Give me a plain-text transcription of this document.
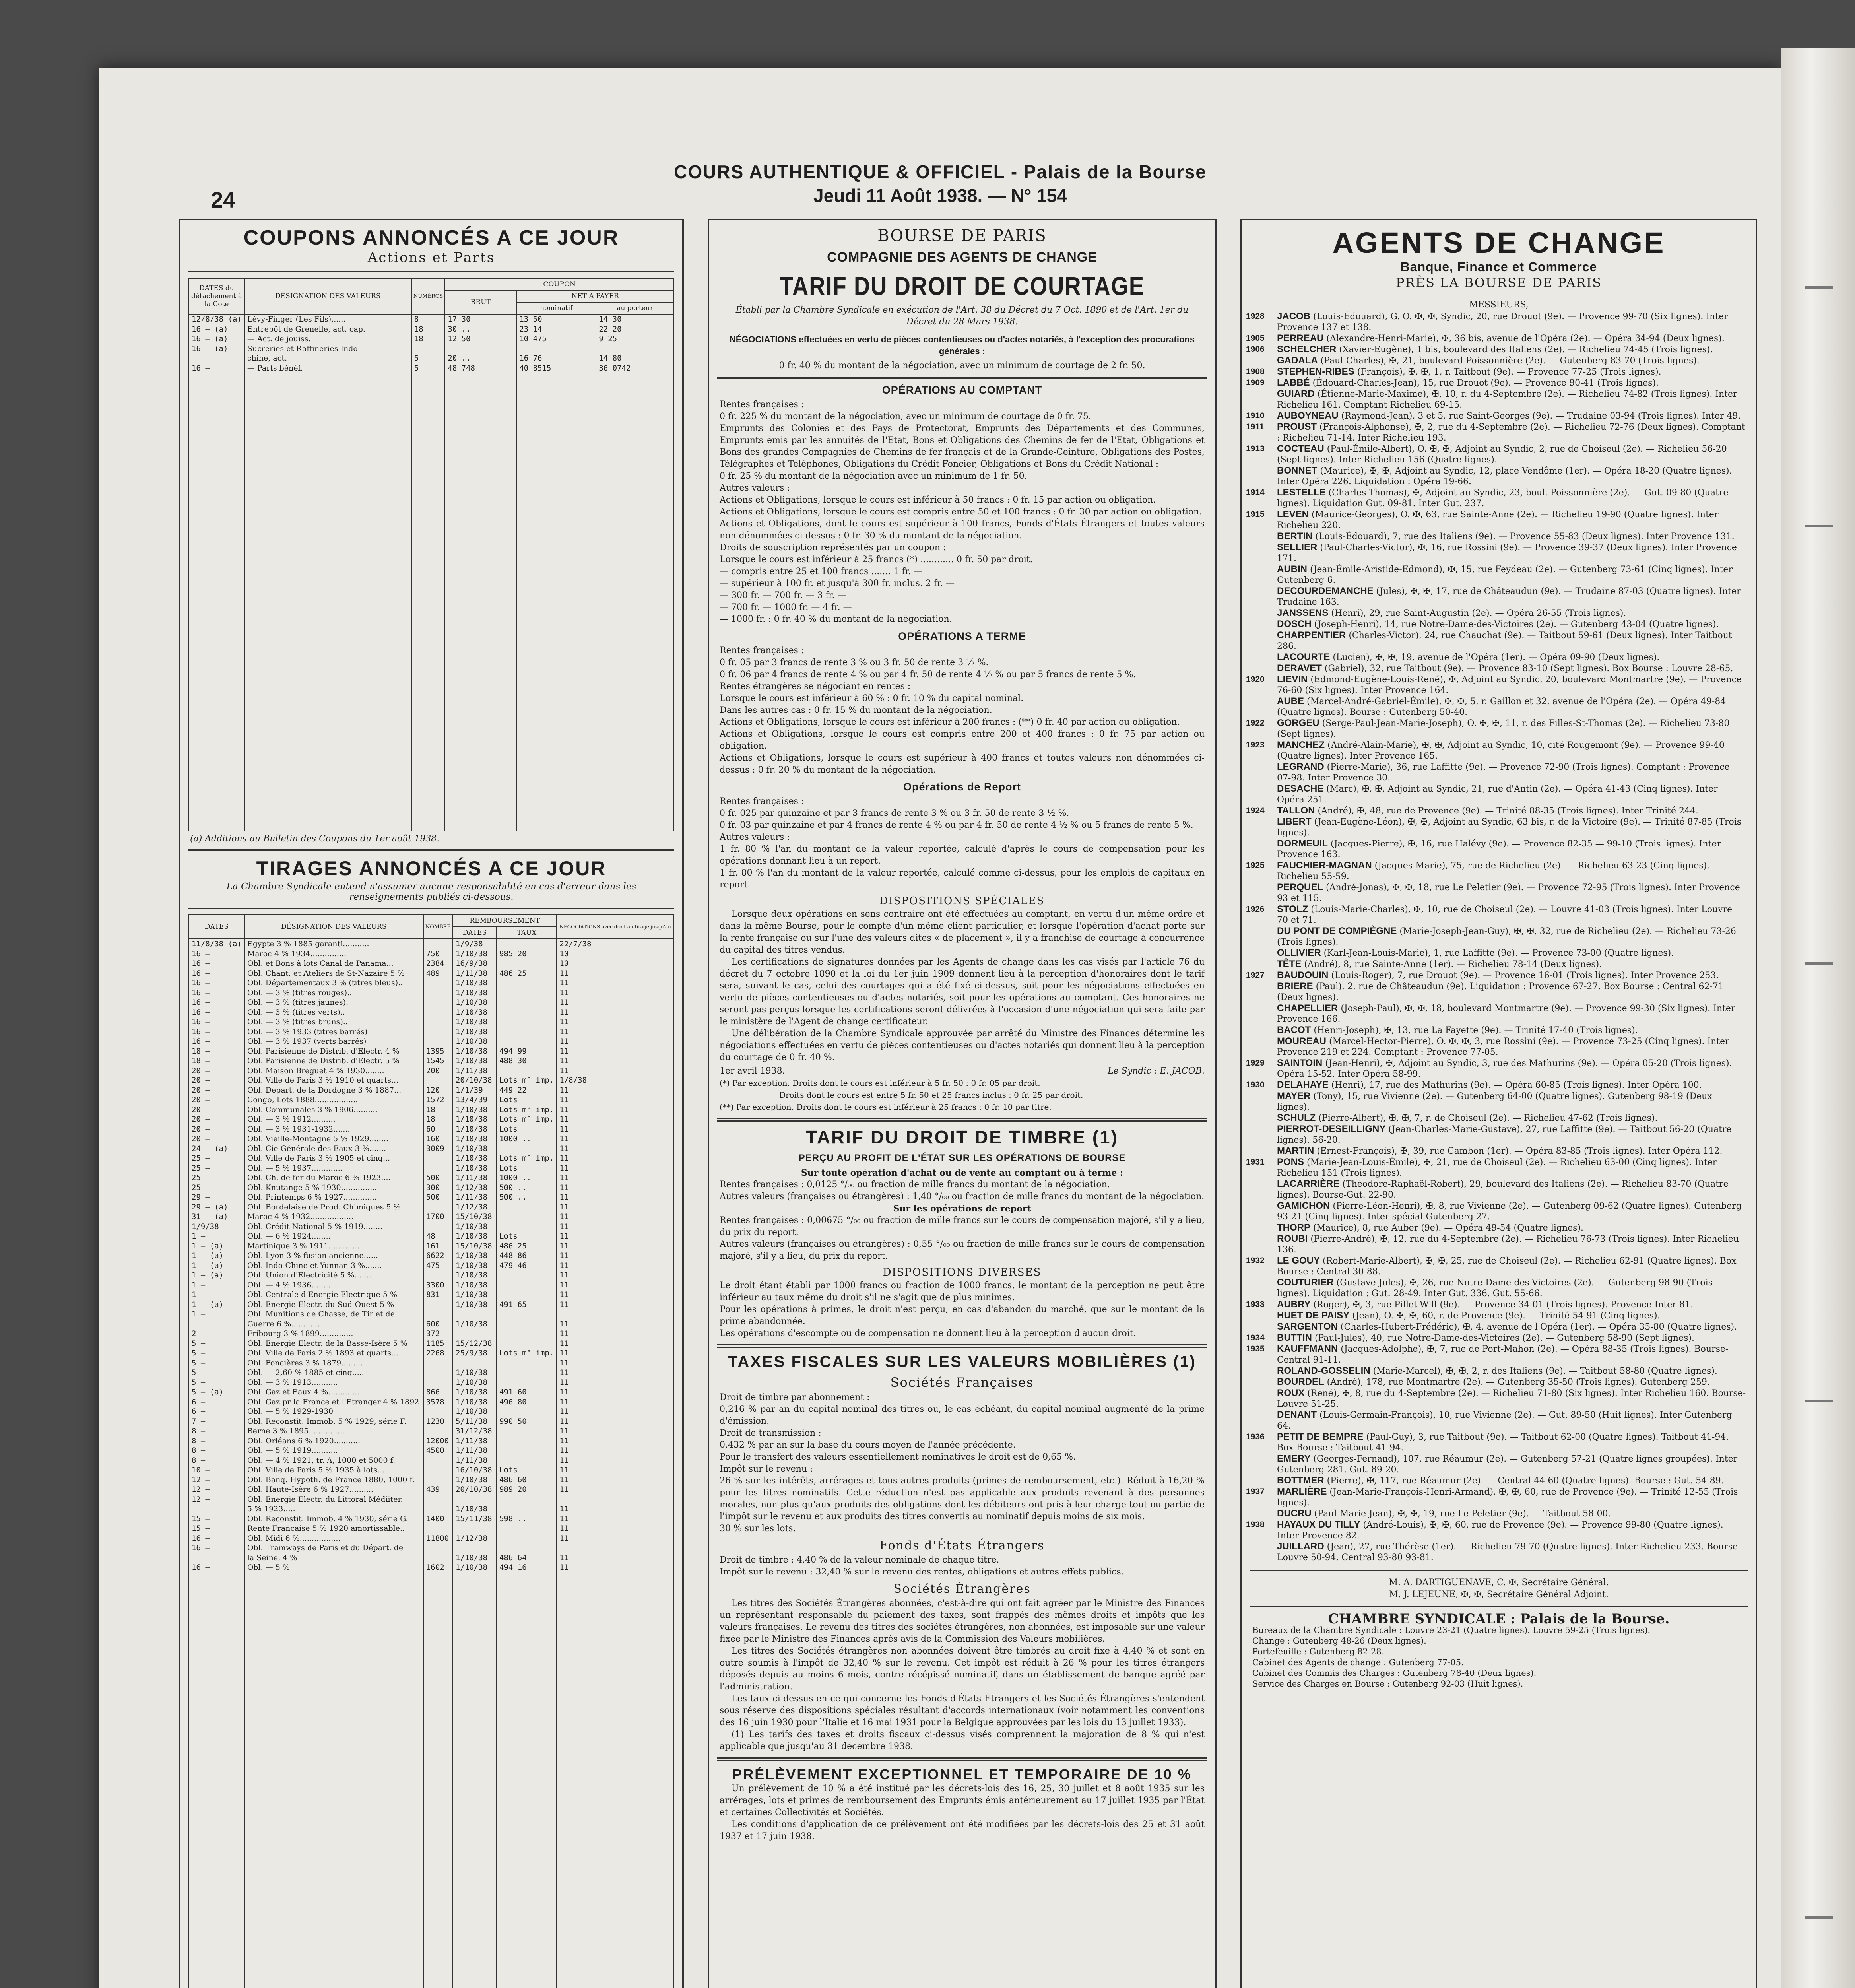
COURS AUTHENTIQUE & OFFICIEL - Palais de la Bourse
Jeudi 11 Août 1938. — N° 154
24
COUPONS ANNONCÉS A CE JOUR
Actions et Parts
DATES du détachement à la Cote	DÉSIGNATION DES VALEURS	NUMÉROS	COUPON		
			BRUT	NET A PAYER	
				nominatif	au porteur
12/8/38 (a)	Lévy-Finger (Les Fils)......	8	17 30	13 50	14 30
16 — (a)	Entrepôt de Grenelle, act. cap.	18	30 ..	23 14	22 20
16 — (a)	— Act. de jouiss.	18	12 50	10 475	9 25
16 — (a)	Sucreries et Raffineries Indo-				
	chine, act.	5	20 ..	16 76	14 80
16 —	— Parts bénéf.	5	48 748	40 8515	36 0742

(a) Additions au Bulletin des Coupons du 1er août 1938.
TIRAGES ANNONCÉS A CE JOUR
La Chambre Syndicale entend n'assumer aucune responsabilité en cas d'erreur dans les renseignements publiés ci-dessous.
DATES	DÉSIGNATION DES VALEURS	NOMBRE	REMBOURSEMENT		NÉGOCIATIONS avec droit au tirage jusqu'au
			DATES	TAUX	
11/8/38 (a)	Egypte 3 % 1885 garanti...........		1/9/38		22/7/38
16 —	Maroc 4 % 1934...............	750	1/10/38	985 20	10
16 —	Obl. et Bons à lots Canal de Panama...	2384	16/9/38		10
16 —	Obl. Chant. et Ateliers de St-Nazaire 5 %	489	1/11/38	486 25	11
16 —	Obl. Départementaux 3 % (titres bleus)..		1/10/38		11
16 —	Obl. — 3 % (titres rouges)..		1/10/38		11
16 —	Obl. — 3 % (titres jaunes).		1/10/38		11
16 —	Obl. — 3 % (titres verts)..		1/10/38		11
16 —	Obl. — 3 % (titres bruns)..		1/10/38		11
16 —	Obl. — 3 % 1933 (titres barrés)		1/10/38		11
16 —	Obl. — 3 % 1937 (verts barrés)		1/10/38		11
18 —	Obl. Parisienne de Distrib. d'Electr. 4 %	1395	1/10/38	494 99	11
18 —	Obl. Parisienne de Distrib. d'Electr. 5 %	1545	1/10/38	488 30	11
20 —	Obl. Maison Breguet 4 % 1930........	200	1/11/38		11
20 —	Obl. Ville de Paris 3 % 1910 et quarts...		20/10/38	Lots m° imp.	1/8/38
20 —	Obl. Départ. de la Dordogne 3 % 1887...	120	1/1/39	449 22	11
20 —	Congo, Lots 1888..................	1572	13/4/39	Lots	11
20 —	Obl. Communales 3 % 1906..........	18	1/10/38	Lots m° imp.	11
20 —	Obl. — 3 % 1912..........	18	1/10/38	Lots m° imp.	11
20 —	Obl. — 3 % 1931-1932.......	60	1/10/38	Lots	11
20 —	Obl. Vieille-Montagne 5 % 1929........	160	1/10/38	1000 ..	11
24 — (a)	Obl. Cie Générale des Eaux 3 %.......	3009	1/10/38		11
25 —	Obl. Ville de Paris 3 % 1905 et cinq...		1/10/38	Lots m° imp.	11
25 —	Obl. — 5 % 1937.............		1/10/38	Lots	11
25 —	Obl. Ch. de fer du Maroc 6 % 1923....	500	1/11/38	1000 ..	11
25 —	Obl. Knutange 5 % 1930...............	300	1/12/38	500 ..	11
29 —	Obl. Printemps 6 % 1927..............	500	1/11/38	500 ..	11
29 — (a)	Obl. Bordelaise de Prod. Chimiques 5 %		1/12/38		11
31 — (a)	Maroc 4 % 1932..................	1700	15/10/38		11
1/9/38	Obl. Crédit National 5 % 1919........		1/10/38		11
1 —	Obl. — 6 % 1924........	48	1/10/38	Lots	11
1 — (a)	Martinique 3 % 1911.............	161	15/10/38	486 25	11
1 — (a)	Obl. Lyon 3 % fusion ancienne......	6622	1/10/38	448 86	11
1 — (a)	Obl. Indo-Chine et Yunnan 3 %.......	475	1/10/38	479 46	11
1 — (a)	Obl. Union d'Electricité 5 %.......		1/10/38		11
1 —	Obl. — 4 % 1936........	3300	1/10/38		11
1 —	Obl. Centrale d'Energie Electrique 5 %	831	1/10/38		11
1 — (a)	Obl. Energie Electr. du Sud-Ouest 5 %		1/10/38	491 65	11
1 —	Obl. Munitions de Chasse, de Tir et de				
	Guerre 6 %.............	600	1/10/38		11
2 —	Fribourg 3 % 1899..............	372			11
5 —	Obl. Energie Electr. de la Basse-Isère 5 %	1185	15/12/38		11
5 —	Obl. Ville de Paris 2 % 1893 et quarts...	2268	25/9/38	Lots m° imp.	11
5 —	Obl. Foncières 3 % 1879.........				11
5 —	Obl. — 2,60 % 1885 et cinq.....		1/10/38		11
5 —	Obl. — 3 % 1913...........		1/10/38		11
5 — (a)	Obl. Gaz et Eaux 4 %.............	866	1/10/38	491 60	11
6 —	Obl. Gaz pr la France et l'Etranger 4 % 1892	3578	1/10/38	496 80	11
6 —	Obl. — 5 % 1929-1930		1/10/38		11
7 —	Obl. Reconstit. Immob. 5 % 1929, série F.	1230	5/11/38	990 50	11
8 —	Berne 3 % 1895...............		31/12/38		11
8 —	Obl. Orléans 6 % 1920...........	12000	1/11/38		11
8 —	Obl. — 5 % 1919...........	4500	1/11/38		11
8 —	Obl. — 4 % 1921, tr. A, 1000 et 5000 f.		1/11/38		11
10 —	Obl. Ville de Paris 5 % 1935 à lots...		16/10/38	Lots	11
12 —	Obl. Banq. Hypoth. de France 1880, 1000 f.		1/10/38	486 60	11
12 —	Obl. Haute-Isère 6 % 1927..........	439	20/10/38	989 20	11
12 —	Obl. Energie Electr. du Littoral Médiiter.				
	5 % 1923.....		1/10/38		11
15 —	Obl. Reconstit. Immob. 4 % 1930, série G.	1400	15/11/38	598 ..	11
15 —	Rente Française 5 % 1920 amortissable..				11
16 —	Obl. Midi 6 %.................	11800	1/12/38		11
16 —	Obl. Tramways de Paris et du Départ. de				
	la Seine, 4 %		1/10/38	486 64	11
16 —	Obl. — 5 %	1602	1/10/38	494 16	11

BOURSE DE PARIS
COMPAGNIE DES AGENTS DE CHANGE
TARIF DU DROIT DE COURTAGE
Établi par la Chambre Syndicale en exécution de l'Art. 38 du Décret du 7 Oct. 1890 et de l'Art. 1er du Décret du 28 Mars 1938.
NÉGOCIATIONS effectuées en vertu de pièces contentieuses ou d'actes notariés, à l'exception des procurations générales :
0 fr. 40 % du montant de la négociation, avec un minimum de courtage de 2 fr. 50.
OPÉRATIONS AU COMPTANT
Rentes françaises :
0 fr. 225 % du montant de la négociation, avec un minimum de courtage de 0 fr. 75.
Emprunts des Colonies et des Pays de Protectorat, Emprunts des Départements et des Communes, Emprunts émis par les annuités de l'Etat, Bons et Obligations des Chemins de fer de l'Etat, Obligations et Bons des grandes Compagnies de Chemins de fer français et de la Grande-Ceinture, Obligations des Postes, Télégraphes et Téléphones, Obligations du Crédit Foncier, Obligations et Bons du Crédit National :
0 fr. 25 % du montant de la négociation avec un minimum de 1 fr. 50.
Autres valeurs :
Actions et Obligations, lorsque le cours est inférieur à 50 francs : 0 fr. 15 par action ou obligation.
Actions et Obligations, lorsque le cours est compris entre 50 et 100 francs : 0 fr. 30 par action ou obligation.
Actions et Obligations, dont le cours est supérieur à 100 francs, Fonds d'États Étrangers et toutes valeurs non dénommées ci-dessus : 0 fr. 30 % du montant de la négociation.
Droits de souscription représentés par un coupon :
Lorsque le cours est inférieur à 25 francs (*) ............ 0 fr. 50 par droit.
— compris entre 25 et 100 francs ....... 1 fr. —
— supérieur à 100 fr. et jusqu'à 300 fr. inclus. 2 fr. —
— 300 fr. — 700 fr. — 3 fr. —
— 700 fr. — 1000 fr. — 4 fr. —
— 1000 fr. : 0 fr. 40 % du montant de la négociation.
OPÉRATIONS A TERME
Rentes françaises :
0 fr. 05 par 3 francs de rente 3 % ou 3 fr. 50 de rente 3 ½ %.
0 fr. 06 par 4 francs de rente 4 % ou par 4 fr. 50 de rente 4 ½ % ou par 5 francs de rente 5 %.
Rentes étrangères se négociant en rentes :
Lorsque le cours est inférieur à 60 % : 0 fr. 10 % du capital nominal.
Dans les autres cas : 0 fr. 15 % du montant de la négociation.
Actions et Obligations, lorsque le cours est inférieur à 200 francs : (**) 0 fr. 40 par action ou obligation.
Actions et Obligations, lorsque le cours est compris entre 200 et 400 francs : 0 fr. 75 par action ou obligation.
Actions et Obligations, lorsque le cours est supérieur à 400 francs et toutes valeurs non dénommées ci-dessus : 0 fr. 20 % du montant de la négociation.
Opérations de Report
Rentes françaises :
0 fr. 025 par quinzaine et par 3 francs de rente 3 % ou 3 fr. 50 de rente 3 ½ %.
0 fr. 03 par quinzaine et par 4 francs de rente 4 % ou par 4 fr. 50 de rente 4 ½ % ou 5 francs de rente 5 %.
Autres valeurs :
1 fr. 80 % l'an du montant de la valeur reportée, calculé d'après le cours de compensation pour les opérations donnant lieu à un report.
1 fr. 80 % l'an du montant de la valeur reportée, calculé comme ci-dessus, pour les emplois de capitaux en report.
DISPOSITIONS SPÉCIALES
Lorsque deux opérations en sens contraire ont été effectuées au comptant, en vertu d'un même ordre et dans la même Bourse, pour le compte d'un même client particulier, et lorsque l'opération d'achat porte sur la rente française ou sur l'une des valeurs dites « de placement », il y a franchise de courtage à concurrence du capital des titres vendus.
Les certifications de signatures données par les Agents de change dans les cas visés par l'article 76 du décret du 7 octobre 1890 et la loi du 1er juin 1909 donnent lieu à la perception d'honoraires dont le tarif sera, suivant le cas, celui des courtages qui a été fixé ci-dessus, soit pour les négociations effectuées en vertu de pièces contentieuses ou d'actes notariés, soit pour les opérations au comptant. Ces honoraires ne seront pas perçus lorsque les certifications seront délivrées à l'occasion d'une négociation qui sera faite par le ministère de l'Agent de change certificateur.
Une délibération de la Chambre Syndicale approuvée par arrêté du Ministre des Finances détermine les négociations effectuées en vertu de pièces contentieuses ou d'actes notariés qui donnent lieu à la perception du courtage de 0 fr. 40 %.
1er avril 1938.	Le Syndic : E. JACOB.
(*) Par exception. Droits dont le cours est inférieur à 5 fr. 50 : 0 fr. 05 par droit.
Droits dont le cours est entre 5 fr. 50 et 25 francs inclus : 0 fr. 25 par droit.
(**) Par exception. Droits dont le cours est inférieur à 25 francs : 0 fr. 10 par titre.
TARIF DU DROIT DE TIMBRE (1)
PERÇU AU PROFIT DE L'ÉTAT SUR LES OPÉRATIONS DE BOURSE
Sur toute opération d'achat ou de vente au comptant ou à terme :
Rentes françaises : 0,0125 °/₀₀ ou fraction de mille francs du montant de la négociation.
Autres valeurs (françaises ou étrangères) : 1,40 °/₀₀ ou fraction de mille francs du montant de la négociation.
Sur les opérations de report
Rentes françaises : 0,00675 °/₀₀ ou fraction de mille francs sur le cours de compensation majoré, s'il y a lieu, du prix du report.
Autres valeurs (françaises ou étrangères) : 0,55 °/₀₀ ou fraction de mille francs sur le cours de compensation majoré, s'il y a lieu, du prix du report.
DISPOSITIONS DIVERSES
Le droit étant établi par 1000 francs ou fraction de 1000 francs, le montant de la perception ne peut être inférieur au taux même du droit s'il ne s'agit que de plus minimes.
Pour les opérations à primes, le droit n'est perçu, en cas d'abandon du marché, que sur le montant de la prime abandonnée.
Les opérations d'escompte ou de compensation ne donnent lieu à la perception d'aucun droit.
TAXES FISCALES SUR LES VALEURS MOBILIÈRES (1)
Sociétés Françaises
Droit de timbre par abonnement :
0,216 % par an du capital nominal des titres ou, le cas échéant, du capital nominal augmenté de la prime d'émission.
Droit de transmission :
0,432 % par an sur la base du cours moyen de l'année précédente.
Pour le transfert des valeurs essentiellement nominatives le droit est de 0,65 %.
Impôt sur le revenu :
26 % sur les intérêts, arrérages et tous autres produits (primes de remboursement, etc.). Réduit à 16,20 % pour les titres nominatifs. Cette réduction n'est pas applicable aux produits revenant à des personnes morales, non plus qu'aux produits des obligations dont les débiteurs ont pris à leur charge tout ou partie de l'impôt sur le revenu et aux produits des titres convertis au nominatif depuis moins de six mois.
30 % sur les lots.
Fonds d'États Étrangers
Droit de timbre : 4,40 % de la valeur nominale de chaque titre.
Impôt sur le revenu : 32,40 % sur le revenu des rentes, obligations et autres effets publics.
Sociétés Étrangères
Les titres des Sociétés Étrangères abonnées, c'est-à-dire qui ont fait agréer par le Ministre des Finances un représentant responsable du paiement des taxes, sont frappés des mêmes droits et impôts que les valeurs françaises. Le revenu des titres des sociétés étrangères, non abonnées, est imposable sur une valeur fixée par le Ministre des Finances après avis de la Commission des Valeurs mobilières.
Les titres des Sociétés étrangères non abonnées doivent être timbrés au droit fixe à 4,40 % et sont en outre soumis à l'impôt de 32,40 % sur le revenu. Cet impôt est réduit à 26 % pour les titres étrangers déposés depuis au moins 6 mois, contre récépissé nominatif, dans un établissement de banque agréé par l'administration.
Les taux ci-dessus en ce qui concerne les Fonds d'États Étrangers et les Sociétés Étrangères s'entendent sous réserve des dispositions spéciales résultant d'accords internationaux (voir notamment les conventions des 16 juin 1930 pour l'Italie et 16 mai 1931 pour la Belgique approuvées par les lois du 13 juillet 1933).
(1) Les tarifs des taxes et droits fiscaux ci-dessus visés comprennent la majoration de 8 % qui n'est applicable que jusqu'au 31 décembre 1938.
PRÉLÈVEMENT EXCEPTIONNEL ET TEMPORAIRE DE 10 %
Un prélèvement de 10 % a été institué par les décrets-lois des 16, 25, 30 juillet et 8 août 1935 sur les arrérages, lots et primes de remboursement des Emprunts émis antérieurement au 17 juillet 1935 par l'État et certaines Collectivités et Sociétés.
Les conditions d'application de ce prélèvement ont été modifiées par les décrets-lois des 25 et 31 août 1937 et 17 juin 1938.
AGENTS DE CHANGE
Banque, Finance et Commerce
PRÈS LA BOURSE DE PARIS
MESSIEURS,
1928	JACOB (Louis-Édouard), G. O. ✠, ✠, Syndic, 20, rue Drouot (9e). — Provence 99-70 (Six lignes). Inter Provence 137 et 138.
1905	PERREAU (Alexandre-Henri-Marie), ✠, 36 bis, avenue de l'Opéra (2e). — Opéra 34-94 (Deux lignes).
1906	SCHELCHER (Xavier-Eugène), 1 bis, boulevard des Italiens (2e). — Richelieu 74-45 (Trois lignes).
GADALA (Paul-Charles), ✠, 21, boulevard Poissonnière (2e). — Gutenberg 83-70 (Trois lignes).
1908	STEPHEN-RIBES (François), ✠, ✠, 1, r. Taitbout (9e). — Provence 77-25 (Trois lignes).
1909	LABBÉ (Édouard-Charles-Jean), 15, rue Drouot (9e). — Provence 90-41 (Trois lignes).
GUIARD (Étienne-Marie-Maxime), ✠, 10, r. du 4-Septembre (2e). — Richelieu 74-82 (Trois lignes). Inter Richelieu 161. Comptant Richelieu 69-15.
1910	AUBOYNEAU (Raymond-Jean), 3 et 5, rue Saint-Georges (9e). — Trudaine 03-94 (Trois lignes). Inter 49.
1911	PROUST (François-Alphonse), ✠, 2, rue du 4-Septembre (2e). — Richelieu 72-76 (Deux lignes). Comptant : Richelieu 71-14. Inter Richelieu 193.
1913	COCTEAU (Paul-Émile-Albert), O. ✠, ✠, Adjoint au Syndic, 2, rue de Choiseul (2e). — Richelieu 56-20 (Sept lignes). Inter Richelieu 156 (Quatre lignes).
BONNET (Maurice), ✠, ✠, Adjoint au Syndic, 12, place Vendôme (1er). — Opéra 18-20 (Quatre lignes). Inter Opéra 226. Liquidation : Opéra 19-66.
1914	LESTELLE (Charles-Thomas), ✠, Adjoint au Syndic, 23, boul. Poissonnière (2e). — Gut. 09-80 (Quatre lignes). Liquidation Gut. 09-81. Inter Gut. 237.
1915	LEVEN (Maurice-Georges), O. ✠, 63, rue Sainte-Anne (2e). — Richelieu 19-90 (Quatre lignes). Inter Richelieu 220.
BERTIN (Louis-Édouard), 7, rue des Italiens (9e). — Provence 55-83 (Deux lignes). Inter Provence 131.
SELLIER (Paul-Charles-Victor), ✠, 16, rue Rossini (9e). — Provence 39-37 (Deux lignes). Inter Provence 171.
AUBIN (Jean-Émile-Aristide-Edmond), ✠, 15, rue Feydeau (2e). — Gutenberg 73-61 (Cinq lignes). Inter Gutenberg 6.
DECOURDEMANCHE (Jules), ✠, ✠, 17, rue de Châteaudun (9e). — Trudaine 87-03 (Quatre lignes). Inter Trudaine 163.
JANSSENS (Henri), 29, rue Saint-Augustin (2e). — Opéra 26-55 (Trois lignes).
DOSCH (Joseph-Henri), 14, rue Notre-Dame-des-Victoires (2e). — Gutenberg 43-04 (Quatre lignes).
CHARPENTIER (Charles-Victor), 24, rue Chauchat (9e). — Taitbout 59-61 (Deux lignes). Inter Taitbout 286.
LACOURTE (Lucien), ✠, ✠, 19, avenue de l'Opéra (1er). — Opéra 09-90 (Deux lignes).
DERAVET (Gabriel), 32, rue Taitbout (9e). — Provence 83-10 (Sept lignes). Box Bourse : Louvre 28-65.
1920	LIEVIN (Edmond-Eugène-Louis-René), ✠, Adjoint au Syndic, 20, boulevard Montmartre (9e). — Provence 76-60 (Six lignes). Inter Provence 164.
AUBE (Marcel-André-Gabriel-Émile), ✠, ✠, 5, r. Gaillon et 32, avenue de l'Opéra (2e). — Opéra 49-84 (Quatre lignes). Bourse : Gutenberg 50-40.
1922	GORGEU (Serge-Paul-Jean-Marie-Joseph), O. ✠, ✠, 11, r. des Filles-St-Thomas (2e). — Richelieu 73-80 (Sept lignes).
1923	MANCHEZ (André-Alain-Marie), ✠, ✠, Adjoint au Syndic, 10, cité Rougemont (9e). — Provence 99-40 (Quatre lignes). Inter Provence 165.
LEGRAND (Pierre-Marie), 36, rue Laffitte (9e). — Provence 72-90 (Trois lignes). Comptant : Provence 07-98. Inter Provence 30.
DESACHE (Marc), ✠, ✠, Adjoint au Syndic, 21, rue d'Antin (2e). — Opéra 41-43 (Cinq lignes). Inter Opéra 251.
1924	TALLON (André), ✠, 48, rue de Provence (9e). — Trinité 88-35 (Trois lignes). Inter Trinité 244.
LIBERT (Jean-Eugène-Léon), ✠, ✠, Adjoint au Syndic, 63 bis, r. de la Victoire (9e). — Trinité 87-85 (Trois lignes).
DORMEUIL (Jacques-Pierre), ✠, 16, rue Halévy (9e). — Provence 82-35 — 99-10 (Trois lignes). Inter Provence 163.
1925	FAUCHIER-MAGNAN (Jacques-Marie), 75, rue de Richelieu (2e). — Richelieu 63-23 (Cinq lignes). Richelieu 55-59.
PERQUEL (André-Jonas), ✠, ✠, 18, rue Le Peletier (9e). — Provence 72-95 (Trois lignes). Inter Provence 93 et 115.
1926	STOLZ (Louis-Marie-Charles), ✠, 10, rue de Choiseul (2e). — Louvre 41-03 (Trois lignes). Inter Louvre 70 et 71.
DU PONT DE COMPIÈGNE (Marie-Joseph-Jean-Guy), ✠, ✠, 32, rue de Richelieu (2e). — Richelieu 73-26 (Trois lignes).
OLLIVIER (Karl-Jean-Louis-Marie), 1, rue Laffitte (9e). — Provence 73-00 (Quatre lignes).
TÊTE (André), 8, rue Sainte-Anne (1er). — Richelieu 78-14 (Deux lignes).
1927	BAUDOUIN (Louis-Roger), 7, rue Drouot (9e). — Provence 16-01 (Trois lignes). Inter Provence 253.
BRIERE (Paul), 2, rue de Châteaudun (9e). Liquidation : Provence 67-27. Box Bourse : Central 62-71 (Deux lignes).
CHAPELLIER (Joseph-Paul), ✠, ✠, 18, boulevard Montmartre (9e). — Provence 99-30 (Six lignes). Inter Provence 166.
BACOT (Henri-Joseph), ✠, 13, rue La Fayette (9e). — Trinité 17-40 (Trois lignes).
MOUREAU (Marcel-Hector-Pierre), O. ✠, ✠, 3, rue Rossini (9e). — Provence 73-25 (Cinq lignes). Inter Provence 219 et 224. Comptant : Provence 77-05.
1929	SAINTOIN (Jean-Henri), ✠, Adjoint au Syndic, 3, rue des Mathurins (9e). — Opéra 05-20 (Trois lignes). Opéra 15-52. Inter Opéra 58-99.
1930	DELAHAYE (Henri), 17, rue des Mathurins (9e). — Opéra 60-85 (Trois lignes). Inter Opéra 100.
MAYER (Tony), 15, rue Vivienne (2e). — Gutenberg 64-00 (Quatre lignes). Gutenberg 98-19 (Deux lignes).
SCHULZ (Pierre-Albert), ✠, ✠, 7, r. de Choiseul (2e). — Richelieu 47-62 (Trois lignes).
PIERROT-DESEILLIGNY (Jean-Charles-Marie-Gustave), 27, rue Laffitte (9e). — Taitbout 56-20 (Quatre lignes). 56-20.
MARTIN (Ernest-François), ✠, 39, rue Cambon (1er). — Opéra 83-85 (Trois lignes). Inter Opéra 112.
1931	PONS (Marie-Jean-Louis-Émile), ✠, 21, rue de Choiseul (2e). — Richelieu 63-00 (Cinq lignes). Inter Richelieu 151 (Trois lignes).
LACARRIÈRE (Théodore-Raphaël-Robert), 29, boulevard des Italiens (2e). — Richelieu 83-70 (Quatre lignes). Bourse-Gut. 22-90.
GAMICHON (Pierre-Léon-Henri), ✠, 8, rue Vivienne (2e). — Gutenberg 09-62 (Quatre lignes). Gutenberg 93-21 (Cinq lignes). Inter spécial Gutenberg 27.
THORP (Maurice), 8, rue Auber (9e). — Opéra 49-54 (Quatre lignes).
ROUBI (Pierre-André), ✠, 12, rue du 4-Septembre (2e). — Richelieu 76-73 (Trois lignes). Inter Richelieu 136.
1932	LE GOUY (Robert-Marie-Albert), ✠, ✠, 25, rue de Choiseul (2e). — Richelieu 62-91 (Quatre lignes). Box Bourse : Central 30-88.
COUTURIER (Gustave-Jules), ✠, 26, rue Notre-Dame-des-Victoires (2e). — Gutenberg 98-90 (Trois lignes). Liquidation : Gut. 28-49. Inter Gut. 336. Gut. 55-66.
1933	AUBRY (Roger), ✠, 3, rue Pillet-Will (9e). — Provence 34-01 (Trois lignes). Provence Inter 81.
HUET DE PAISY (Jean), O. ✠, ✠, 60, r. de Provence (9e). — Trinité 54-91 (Cinq lignes).
SARGENTON (Charles-Hubert-Frédéric), ✠, 4, avenue de l'Opéra (1er). — Opéra 35-80 (Quatre lignes).
1934	BUTTIN (Paul-Jules), 40, rue Notre-Dame-des-Victoires (2e). — Gutenberg 58-90 (Sept lignes).
1935	KAUFFMANN (Jacques-Adolphe), ✠, 7, rue de Port-Mahon (2e). — Opéra 88-35 (Trois lignes). Bourse-Central 91-11.
ROLAND-GOSSELIN (Marie-Marcel), ✠, ✠, 2, r. des Italiens (9e). — Taitbout 58-80 (Quatre lignes).
BOURDEL (André), 178, rue Montmartre (2e). — Gutenberg 35-50 (Trois lignes). Gutenberg 259.
ROUX (René), ✠, 8, rue du 4-Septembre (2e). — Richelieu 71-80 (Six lignes). Inter Richelieu 160. Bourse-Louvre 51-25.
DENANT (Louis-Germain-François), 10, rue Vivienne (2e). — Gut. 89-50 (Huit lignes). Inter Gutenberg 64.
1936	PETIT DE BEMPRE (Paul-Guy), 3, rue Taitbout (9e). — Taitbout 62-00 (Quatre lignes). Taitbout 41-94. Box Bourse : Taitbout 41-94.
EMERY (Georges-Fernand), 107, rue Réaumur (2e). — Gutenberg 57-21 (Quatre lignes groupées). Inter Gutenberg 281. Gut. 89-20.
BOTTMER (Pierre), ✠, 117, rue Réaumur (2e). — Central 44-60 (Quatre lignes). Bourse : Gut. 54-89.
1937	MARLIÈRE (Jean-Marie-François-Henri-Armand), ✠, ✠, 60, rue de Provence (9e). — Trinité 12-55 (Trois lignes).
DUCRU (Paul-Marie-Jean), ✠, ✠, 19, rue Le Peletier (9e). — Taitbout 58-00.
1938	HAYAUX DU TILLY (André-Louis), ✠, ✠, 60, rue de Provence (9e). — Provence 99-80 (Quatre lignes). Inter Provence 82.
JUILLARD (Jean), 27, rue Thérèse (1er). — Richelieu 79-70 (Quatre lignes). Inter Richelieu 233. Bourse-Louvre 50-94. Central 93-80 93-81.
M. A. DARTIGUENAVE, C. ✠, Secrétaire Général.
M. J. LEJEUNE, ✠, ✠, Secrétaire Général Adjoint.
CHAMBRE SYNDICALE : Palais de la Bourse.
Bureaux de la Chambre Syndicale : Louvre 23-21 (Quatre lignes). Louvre 59-25 (Trois lignes).
Change : Gutenberg 48-26 (Deux lignes).
Portefeuille : Gutenberg 82-28.
Cabinet des Agents de change : Gutenberg 77-05.
Cabinet des Commis des Charges : Gutenberg 78-40 (Deux lignes).
Service des Charges en Bourse : Gutenberg 92-03 (Huit lignes).
